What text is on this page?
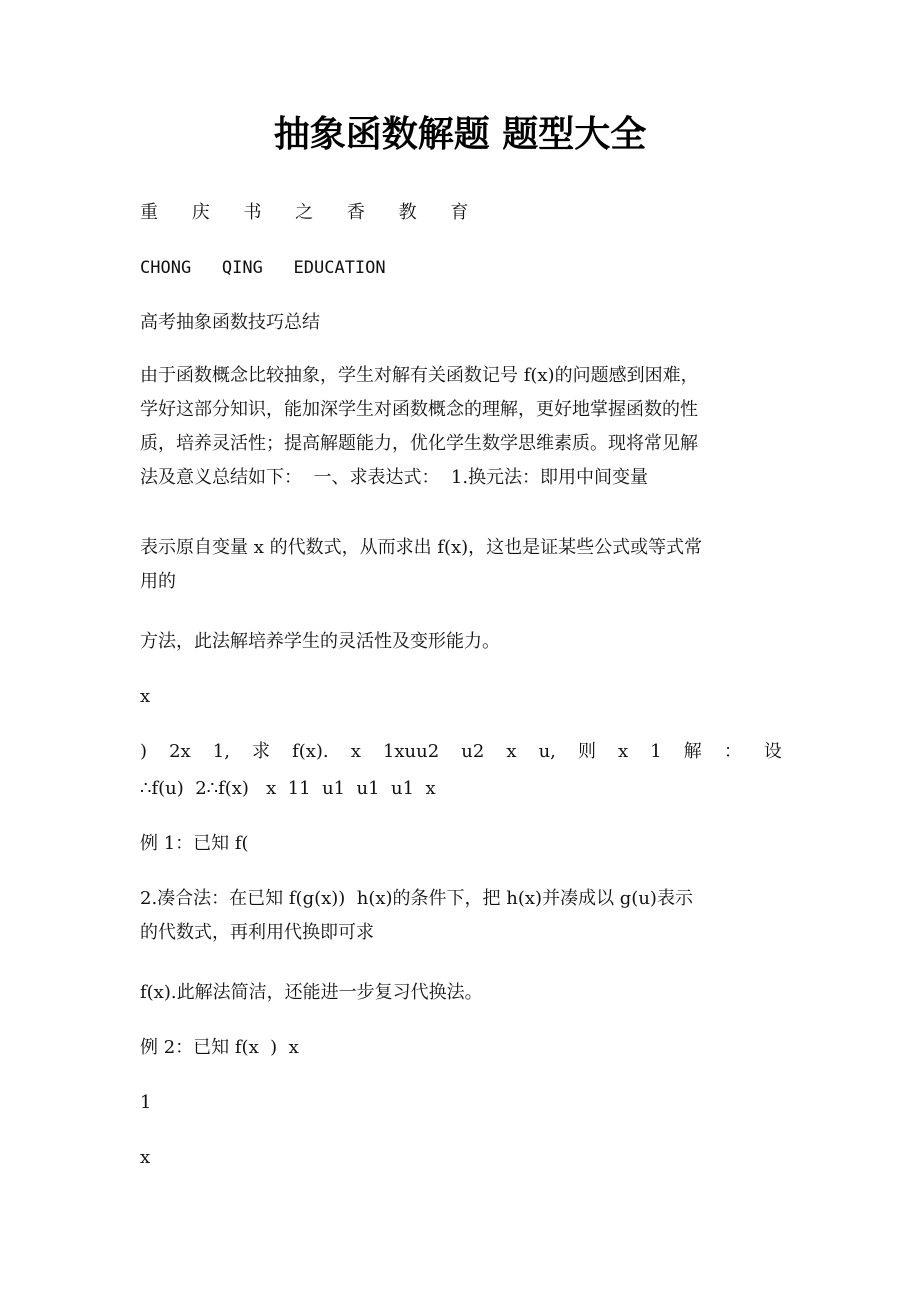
抽象函数解题 题型大全
重 庆 书 之 香 教 育
CHONG   QING   EDUCATION
高考抽象函数技巧总结
由于函数概念比较抽象，学生对解有关函数记号 f(x)的问题感到困难，
学好这部分知识，能加深学生对函数概念的理解，更好地掌握函数的性
质，培养灵活性；提高解题能力，优化学生数学思维素质。现将常见解
法及意义总结如下：  一、求表达式：  1.换元法：即用中间变量
表示原自变量 x 的代数式，从而求出 f(x)，这也是证某些公式或等式常
用的
方法，此法解培养学生的灵活性及变形能力。
x
) 2x 1, 求 f(x). x 1xuu2 u2 x u, 则 x 1 解 ： 设
∴f(u)  2∴f(x)   x  11  u1  u1  u1  x
例 1：已知 f(
2.凑合法：在已知 f(g(x))  h(x)的条件下，把 h(x)并凑成以 g(u)表示
的代数式，再利用代换即可求
f(x).此解法简洁，还能进一步复习代换法。
例 2：已知 f(x  )  x
1
x
